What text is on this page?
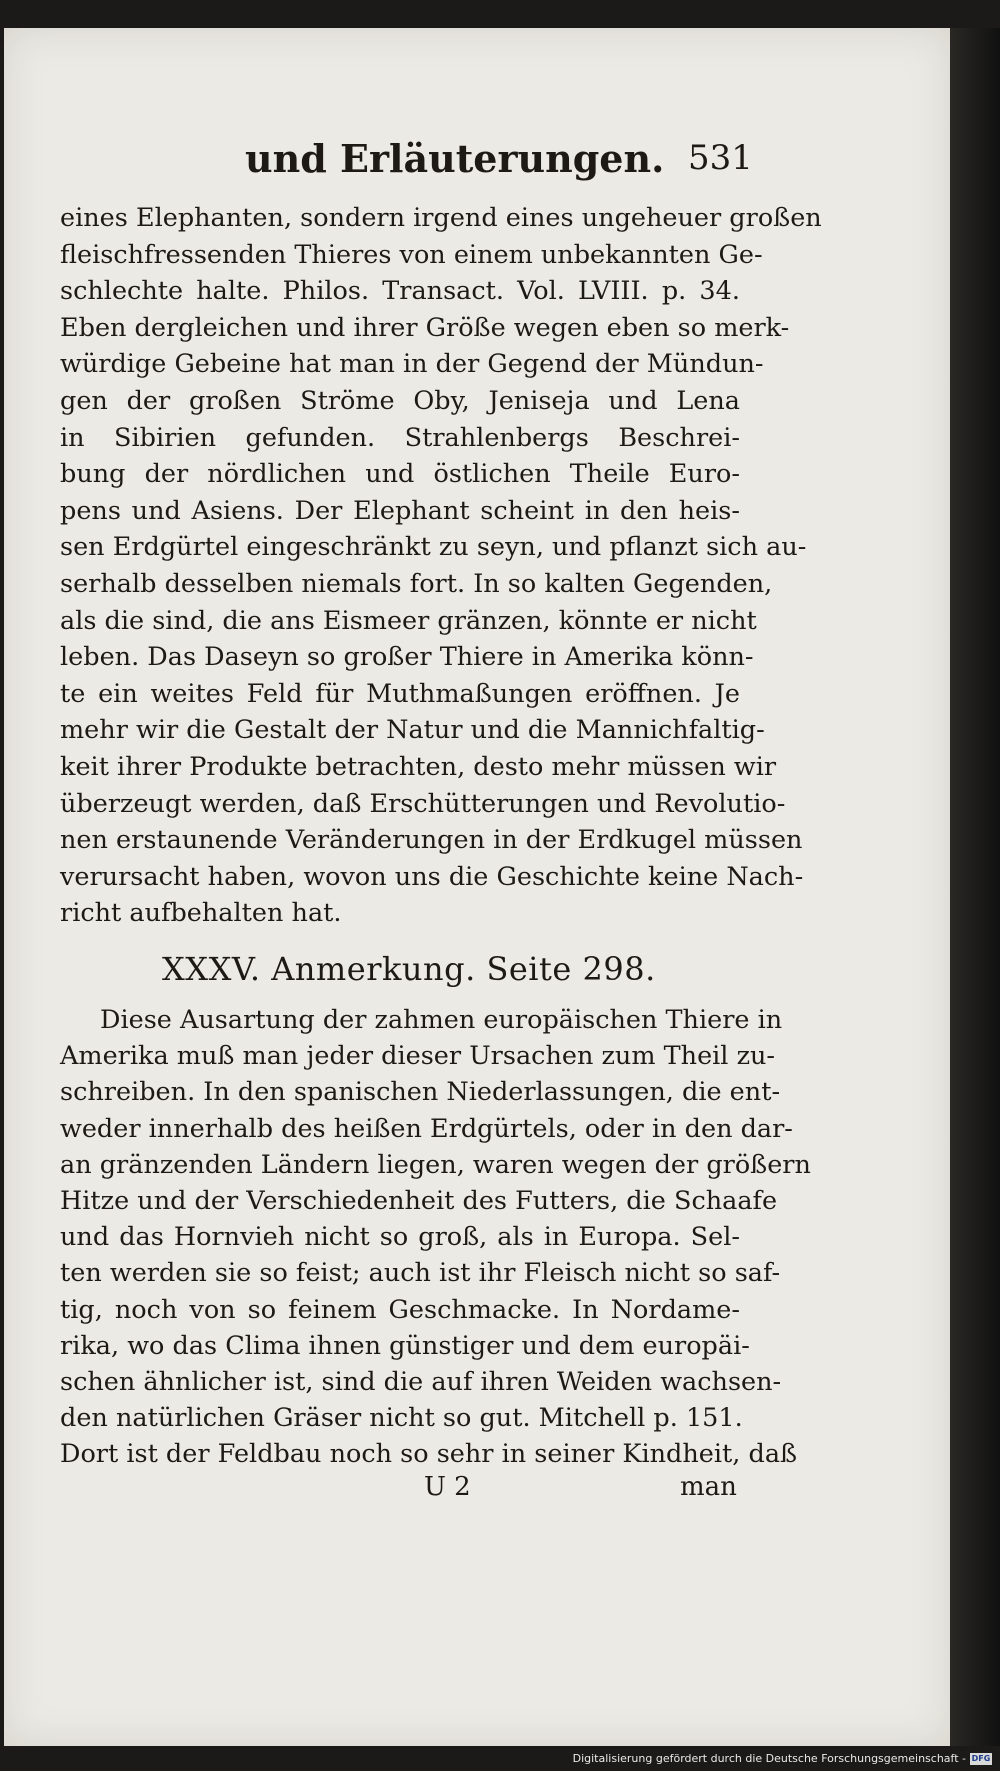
und Erläuterungen. 531
eines Elephanten, sondern irgend eines ungeheuer großen
fleischfressenden Thieres von einem unbekannten Ge-
schlechte halte. Philos. Transact. Vol. LVIII. p. 34.
Eben dergleichen und ihrer Größe wegen eben so merk-
würdige Gebeine hat man in der Gegend der Mündun-
gen der großen Ströme Oby, Jeniseja und Lena
in Sibirien gefunden. Strahlenbergs Beschrei-
bung der nördlichen und östlichen Theile Euro-
pens und Asiens. Der Elephant scheint in den heis-
sen Erdgürtel eingeschränkt zu seyn, und pflanzt sich au-
serhalb desselben niemals fort. In so kalten Gegenden,
als die sind, die ans Eismeer gränzen, könnte er nicht
leben. Das Daseyn so großer Thiere in Amerika könn-
te ein weites Feld für Muthmaßungen eröffnen. Je
mehr wir die Gestalt der Natur und die Mannichfaltig-
keit ihrer Produkte betrachten, desto mehr müssen wir
überzeugt werden, daß Erschütterungen und Revolutio-
nen erstaunende Veränderungen in der Erdkugel müssen
verursacht haben, wovon uns die Geschichte keine Nach-
richt aufbehalten hat.
XXXV. Anmerkung. Seite 298.
Diese Ausartung der zahmen europäischen Thiere in
Amerika muß man jeder dieser Ursachen zum Theil zu-
schreiben. In den spanischen Niederlassungen, die ent-
weder innerhalb des heißen Erdgürtels, oder in den dar-
an gränzenden Ländern liegen, waren wegen der größern
Hitze und der Verschiedenheit des Futters, die Schaafe
und das Hornvieh nicht so groß, als in Europa. Sel-
ten werden sie so feist; auch ist ihr Fleisch nicht so saf-
tig, noch von so feinem Geschmacke. In Nordame-
rika, wo das Clima ihnen günstiger und dem europäi-
schen ähnlicher ist, sind die auf ihren Weiden wachsen-
den natürlichen Gräser nicht so gut. Mitchell p. 151.
Dort ist der Feldbau noch so sehr in seiner Kindheit, daß
U 2	man
Digitalisierung gefördert durch die Deutsche Forschungsgemeinschaft - DFG
